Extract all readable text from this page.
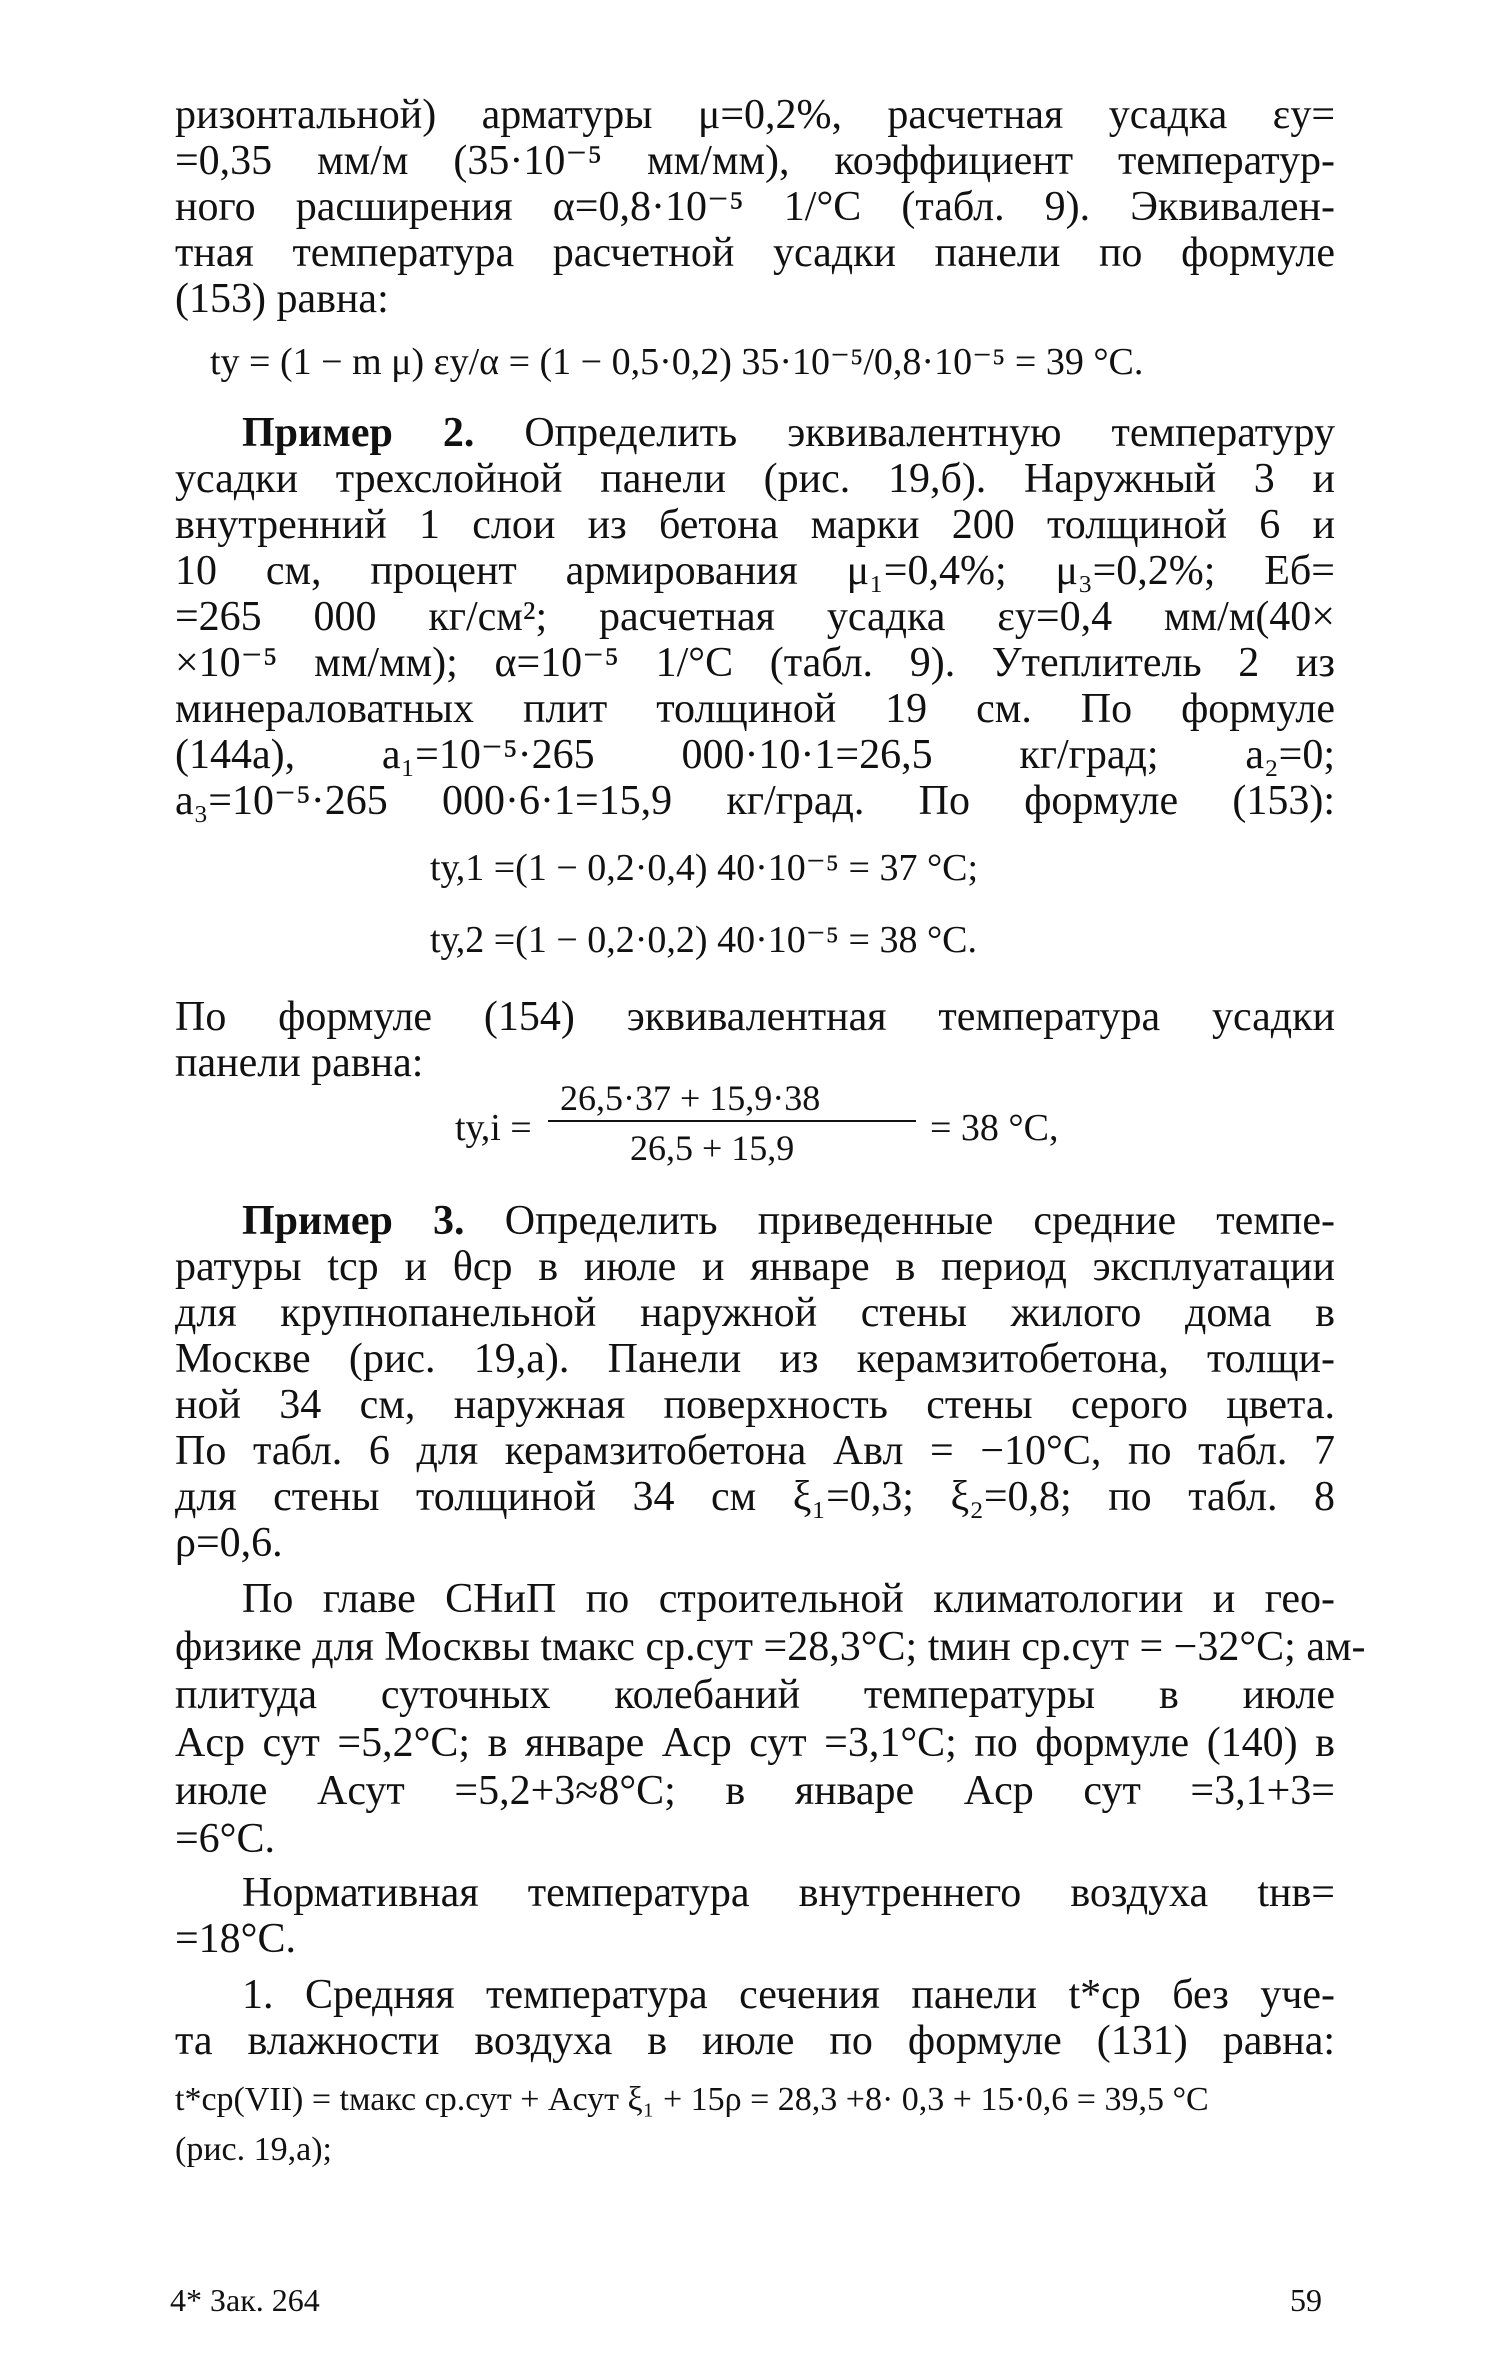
ризонтальной) арматуры μ=0,2%, расчетная усадка εу=
=0,35 мм/м (35·10⁻⁵ мм/мм), коэффициент температур-
ного расширения α=0,8·10⁻⁵ 1/°С (табл. 9). Эквивален-
тная температура расчетной усадки панели по формуле
(153) равна:
tу = (1 − m μ) εу/α = (1 − 0,5·0,2) 35·10⁻⁵/0,8·10⁻⁵ = 39 °С.
Пример 2. Определить эквивалентную температуру
усадки трехслойной панели (рис. 19,б). Наружный 3 и
внутренний 1 слои из бетона марки 200 толщиной 6 и
10 см, процент армирования μ₁=0,4%; μ₃=0,2%; Eб=
=265 000 кг/см²; расчетная усадка εу=0,4 мм/м(40×
×10⁻⁵ мм/мм); α=10⁻⁵ 1/°С (табл. 9). Утеплитель 2 из
минераловатных плит толщиной 19 см. По формуле
(144а), a₁=10⁻⁵·265 000·10·1=26,5 кг/град; a₂=0;
a₃=10⁻⁵·265 000·6·1=15,9 кг/град. По формуле (153):
tу,1 =(1 − 0,2·0,4) 40·10⁻⁵ = 37 °С;
tу,2 =(1 − 0,2·0,2) 40·10⁻⁵ = 38 °С.
По формуле (154) эквивалентная температура усадки
панели равна:
tу,i =
26,5·37 + 15,9·38
26,5 + 15,9	= 38 °С,
Пример 3. Определить приведенные средние темпе-
ратуры tср и θср в июле и январе в период эксплуатации
для крупнопанельной наружной стены жилого дома в
Москве (рис. 19,а). Панели из керамзитобетона, толщи-
ной 34 см, наружная поверхность стены серого цвета.
По табл. 6 для керамзитобетона Aвл = −10°С, по табл. 7
для стены толщиной 34 см ξ₁=0,3; ξ₂=0,8; по табл. 8
ρ=0,6.
По главе СНиП по строительной климатологии и гео-
физике для Москвы tмакс ср.сут =28,3°С; tмин ср.сут = −32°С; ам-
плитуда суточных колебаний температуры в июле
Aср сут =5,2°С; в январе Aср сут =3,1°С; по формуле (140) в
июле Aсут =5,2+3≈8°С; в январе Aср сут =3,1+3=
=6°С.
Нормативная температура внутреннего воздуха tнв=
=18°С.
1. Средняя температура сечения панели t*ср без уче-
та влажности воздуха в июле по формуле (131) равна:
t*ср(VII) = tмакс ср.сут + Aсут ξ₁ + 15ρ = 28,3 +8· 0,3 + 15·0,6 = 39,5 °С
(рис. 19,а);
4* Зак. 264	59
